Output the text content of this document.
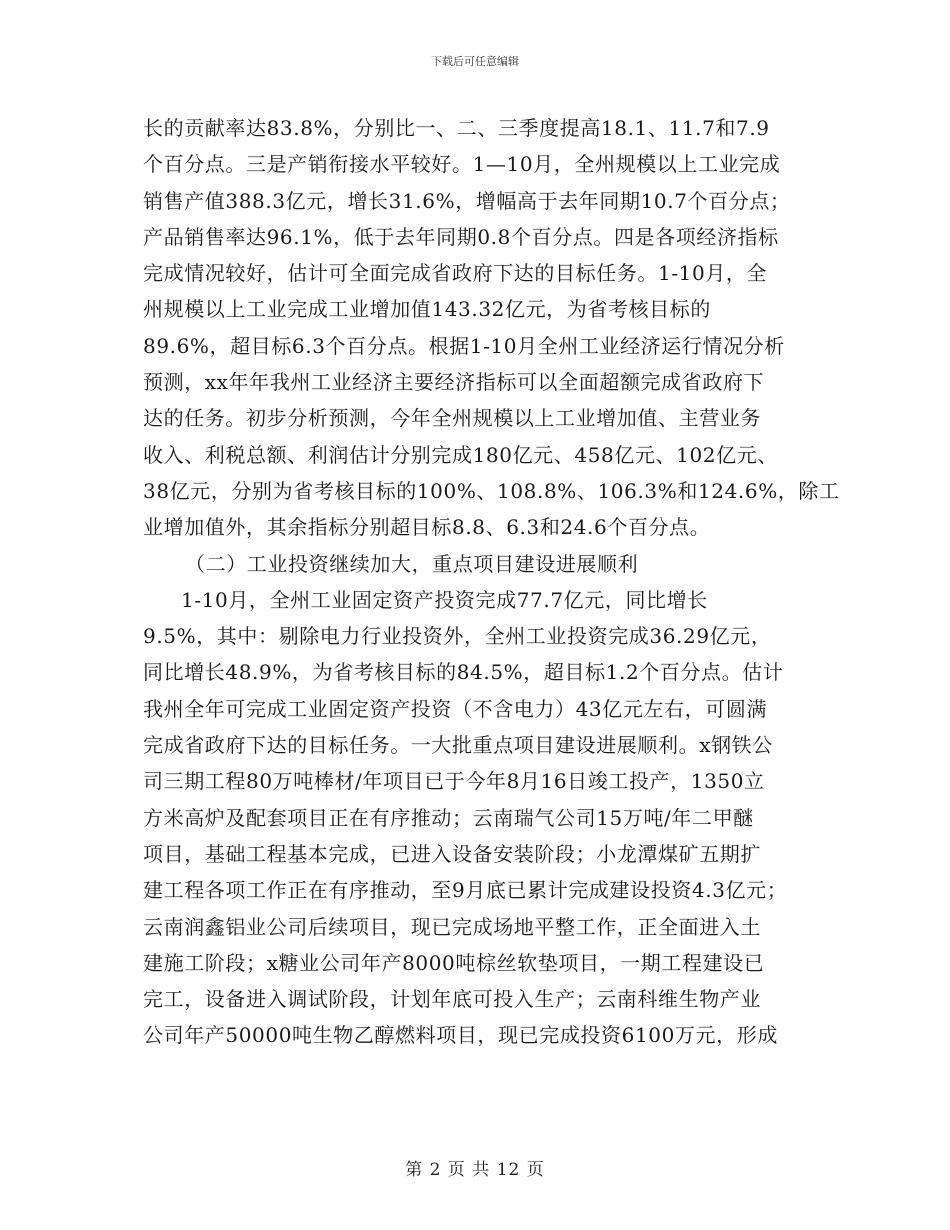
下载后可任意编辑
长的贡献率达83.8%，分别比一、二、三季度提高18.1、11.7和7.9
个百分点。三是产销衔接水平较好。1—10月，全州规模以上工业完成
销售产值388.3亿元，增长31.6%，增幅高于去年同期10.7个百分点；
产品销售率达96.1%，低于去年同期0.8个百分点。四是各项经济指标
完成情况较好，估计可全面完成省政府下达的目标任务。1-10月，全
州规模以上工业完成工业增加值143.32亿元，为省考核目标的
89.6%，超目标6.3个百分点。根据1-10月全州工业经济运行情况分析
预测，xx年年我州工业经济主要经济指标可以全面超额完成省政府下
达的任务。初步分析预测，今年全州规模以上工业增加值、主营业务
收入、利税总额、利润估计分别完成180亿元、458亿元、102亿元、
38亿元，分别为省考核目标的100%、108.8%、106.3%和124.6%，除工
业增加值外，其余指标分别超目标8.8、6.3和24.6个百分点。
（二）工业投资继续加大，重点项目建设进展顺利
1-10月，全州工业固定资产投资完成77.7亿元，同比增长
9.5%，其中：剔除电力行业投资外，全州工业投资完成36.29亿元，
同比增长48.9%，为省考核目标的84.5%，超目标1.2个百分点。估计
我州全年可完成工业固定资产投资（不含电力）43亿元左右，可圆满
完成省政府下达的目标任务。一大批重点项目建设进展顺利。x钢铁公
司三期工程80万吨棒材/年项目已于今年8月16日竣工投产，1350立
方米高炉及配套项目正在有序推动；云南瑞气公司15万吨/年二甲醚
项目，基础工程基本完成，已进入设备安装阶段；小龙潭煤矿五期扩
建工程各项工作正在有序推动，至9月底已累计完成建设投资4.3亿元；
云南润鑫铝业公司后续项目，现已完成场地平整工作，正全面进入土
建施工阶段；x糖业公司年产8000吨棕丝软垫项目，一期工程建设已
完工，设备进入调试阶段，计划年底可投入生产；云南科维生物产业
公司年产50000吨生物乙醇燃料项目，现已完成投资6100万元，形成
第 2 页 共 12 页
